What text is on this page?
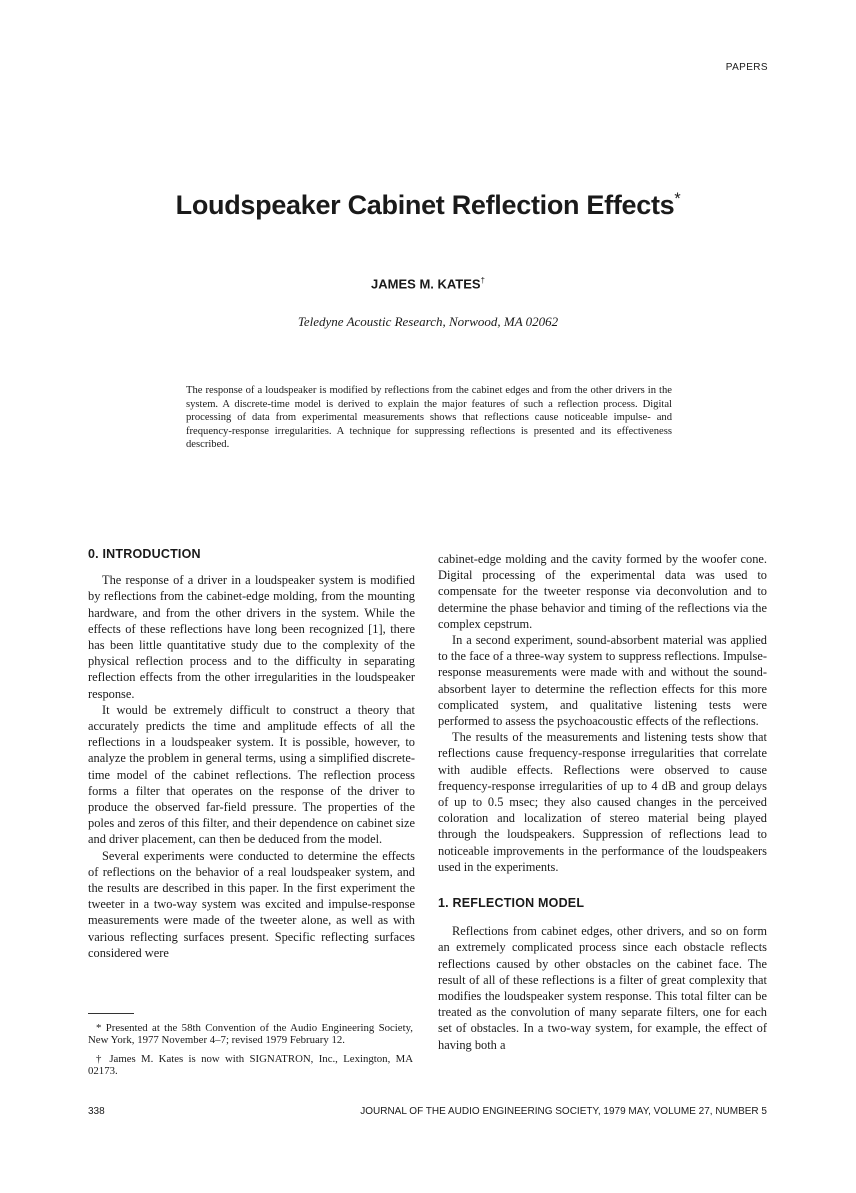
PAPERS
Loudspeaker Cabinet Reflection Effects*
JAMES M. KATES†
Teledyne Acoustic Research, Norwood, MA 02062
The response of a loudspeaker is modified by reflections from the cabinet edges and from the other drivers in the system. A discrete-time model is derived to explain the major features of such a reflection process. Digital processing of data from experimental measurements shows that reflections cause noticeable impulse- and frequency-response irregularities. A technique for suppressing reflections is presented and its effectiveness described.
0. INTRODUCTION

The response of a driver in a loudspeaker system is modified by reflections from the cabinet-edge molding, from the mounting hardware, and from the other drivers in the system. While the effects of these reflections have long been recognized [1], there has been little quantitative study due to the complexity of the physical reflection process and to the difficulty in separating reflection effects from the other irregularities in the loudspeaker response.

It would be extremely difficult to construct a theory that accurately predicts the time and amplitude effects of all the reflections in a loudspeaker system. It is possible, however, to analyze the problem in general terms, using a simplified discrete-time model of the cabinet reflections. The reflection process forms a filter that operates on the response of the driver to produce the observed far-field pressure. The properties of the poles and zeros of this filter, and their dependence on cabinet size and driver placement, can then be deduced from the model.

Several experiments were conducted to determine the effects of reflections on the behavior of a real loudspeaker system, and the results are described in this paper. In the first experiment the tweeter in a two-way system was excited and impulse-response measurements were made of the tweeter alone, as well as with various reflecting surfaces present. Specific reflecting surfaces considered were

* Presented at the 58th Convention of the Audio Engineering Society, New York, 1977 November 4–7; revised 1979 February 12.

† James M. Kates is now with SIGNATRON, Inc., Lexington, MA 02173.

cabinet-edge molding and the cavity formed by the woofer cone. Digital processing of the experimental data was used to compensate for the tweeter response via deconvolution and to determine the phase behavior and timing of the reflections via the complex cepstrum.

In a second experiment, sound-absorbent material was applied to the face of a three-way system to suppress reflections. Impulse-response measurements were made with and without the sound-absorbent layer to determine the reflection effects for this more complicated system, and qualitative listening tests were performed to assess the psychoacoustic effects of the reflections.

The results of the measurements and listening tests show that reflections cause frequency-response irregularities that correlate with audible effects. Reflections were observed to cause frequency-response irregularities of up to 4 dB and group delays of up to 0.5 msec; they also caused changes in the perceived coloration and localization of stereo material being played through the loudspeakers. Suppression of reflections lead to noticeable improvements in the performance of the loudspeakers used in the experiments.

1. REFLECTION MODEL

Reflections from cabinet edges, other drivers, and so on form an extremely complicated process since each obstacle reflects reflections caused by other obstacles on the cabinet face. The result of all of these reflections is a filter of great complexity that modifies the loudspeaker system response. This total filter can be treated as the convolution of many separate filters, one for each set of obstacles. In a two-way system, for example, the effect of having both a

338	JOURNAL OF THE AUDIO ENGINEERING SOCIETY, 1979 MAY, VOLUME 27, NUMBER 5
